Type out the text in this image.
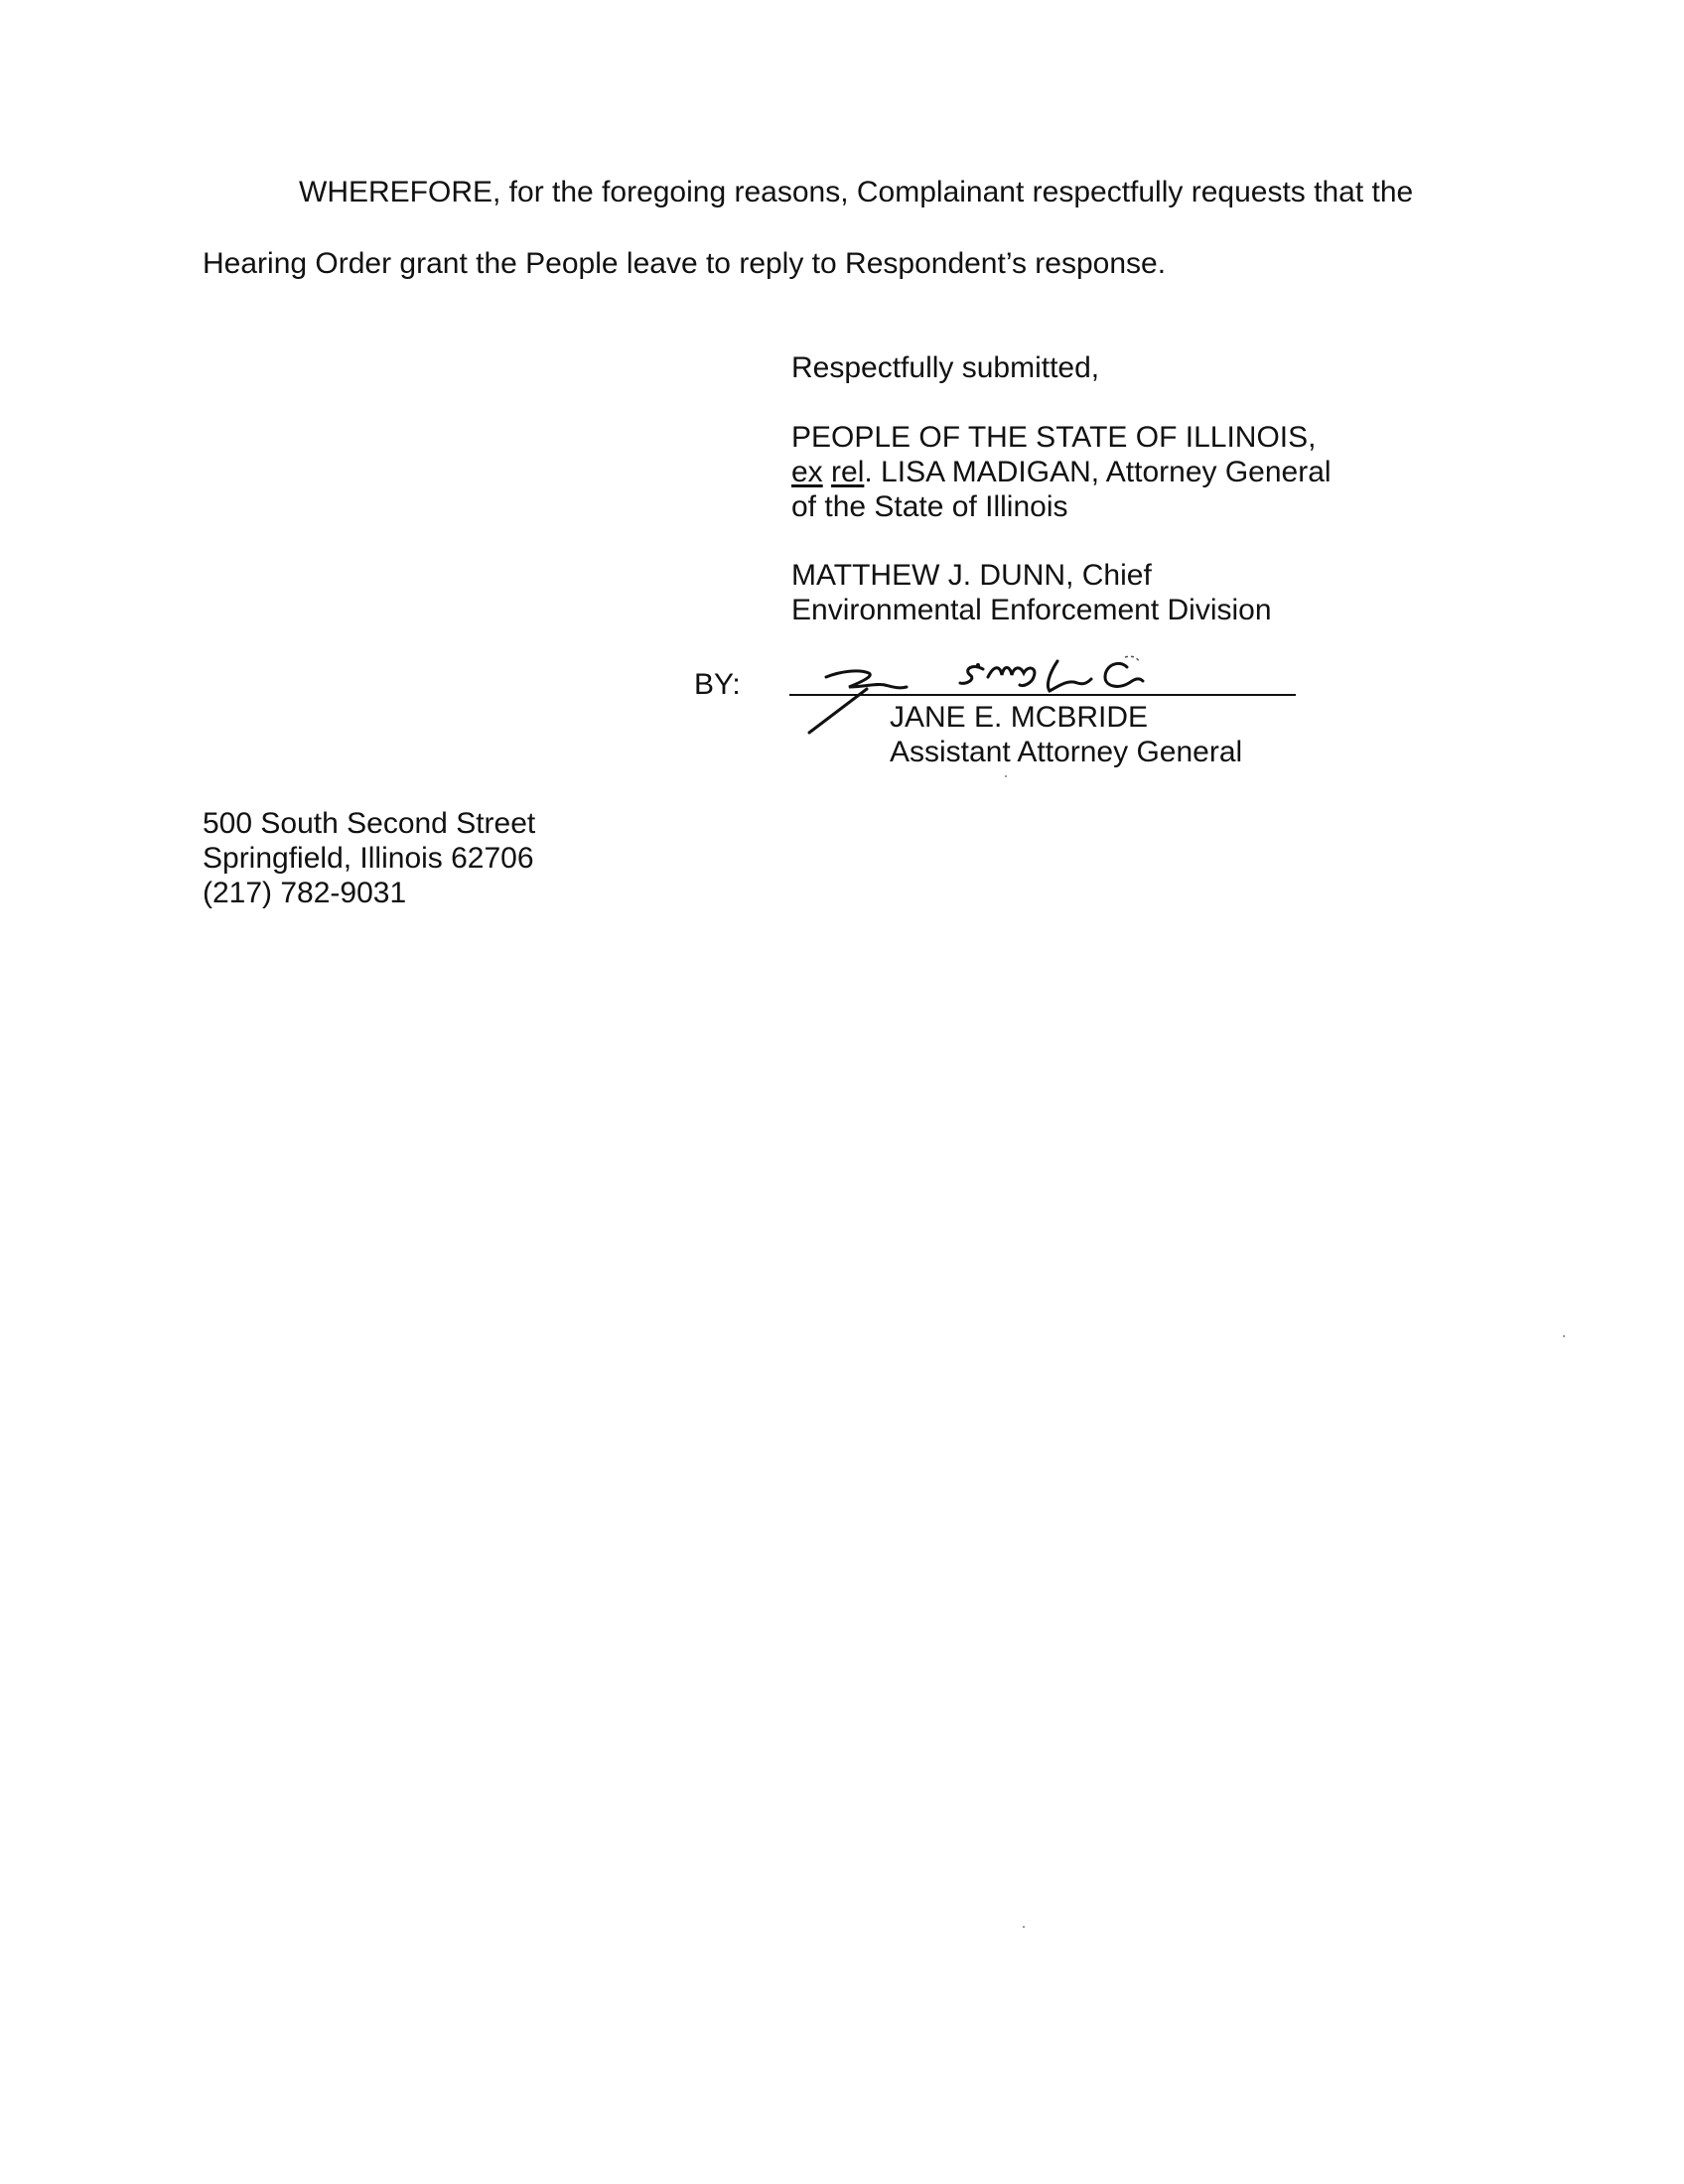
WHEREFORE, for the foregoing reasons, Complainant respectfully requests that the
Hearing Order grant the People leave to reply to Respondent’s response.
Respectfully submitted,
PEOPLE OF THE STATE OF ILLINOIS,
ex rel. LISA MADIGAN, Attorney General
of the State of Illinois
MATTHEW J. DUNN, Chief
Environmental Enforcement Division
BY:
JANE E. MCBRIDE
Assistant Attorney General
500 South Second Street
Springfield, Illinois 62706
(217) 782-9031
